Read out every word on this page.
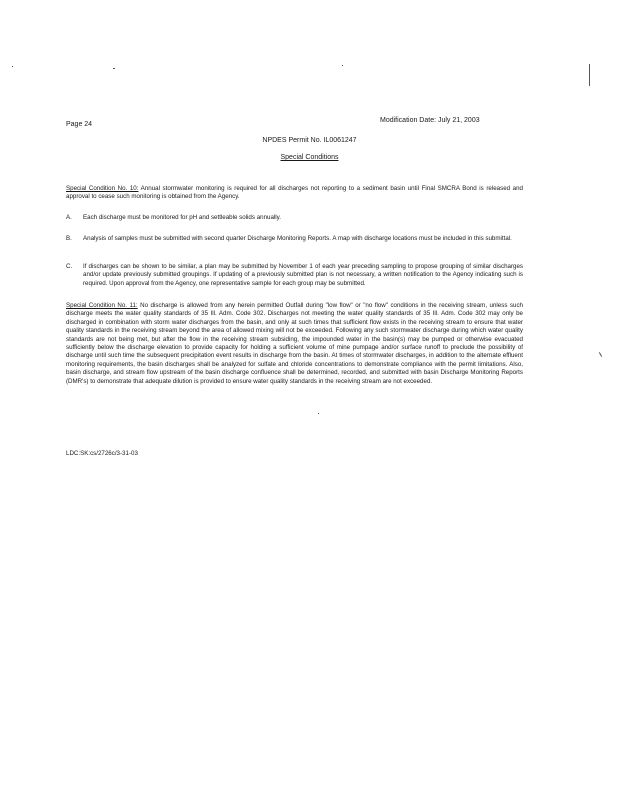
Page 24
Modification Date: July 21, 2003
NPDES Permit No. IL0061247
Special Conditions
Special Condition No. 10: Annual stormwater monitoring is required for all discharges not reporting to a sediment basin until Final SMCRA Bond is released and approval to cease such monitoring is obtained from the Agency.
A.	Each discharge must be monitored for pH and settleable solids annually.
B.	Analysis of samples must be submitted with second quarter Discharge Monitoring Reports. A map with discharge locations must be included in this submittal.
C.	If discharges can be shown to be similar, a plan may be submitted by November 1 of each year preceding sampling to propose grouping of similar discharges and/or update previously submitted groupings. If updating of a previously submitted plan is not necessary, a written notification to the Agency indicating such is required. Upon approval from the Agency, one representative sample for each group may be submitted.
Special Condition No. 11: No discharge is allowed from any herein permitted Outfall during "low flow" or "no flow" conditions in the receiving stream, unless such discharge meets the water quality standards of 35 Ill. Adm. Code 302. Discharges not meeting the water quality standards of 35 Ill. Adm. Code 302 may only be discharged in combination with storm water discharges from the basin, and only at such times that sufficient flow exists in the receiving stream to ensure that water quality standards in the receiving stream beyond the area of allowed mixing will not be exceeded. Following any such stormwater discharge during which water quality standards are not being met, but after the flow in the receiving stream subsiding, the impounded water in the basin(s) may be pumped or otherwise evacuated sufficiently below the discharge elevation to provide capacity for holding a sufficient volume of mine pumpage and/or surface runoff to preclude the possibility of discharge until such time the subsequent precipitation event results in discharge from the basin. At times of stormwater discharges, in addition to the alternate effluent monitoring requirements, the basin discharges shall be analyzed for sulfate and chloride concentrations to demonstrate compliance with the permit limitations. Also, basin discharge, and stream flow upstream of the basin discharge confluence shall be determined, recorded, and submitted with basin Discharge Monitoring Reports (DMR's) to demonstrate that adequate dilution is provided to ensure water quality standards in the receiving stream are not exceeded.
LDC:SK:cs/2726c/3-31-03
